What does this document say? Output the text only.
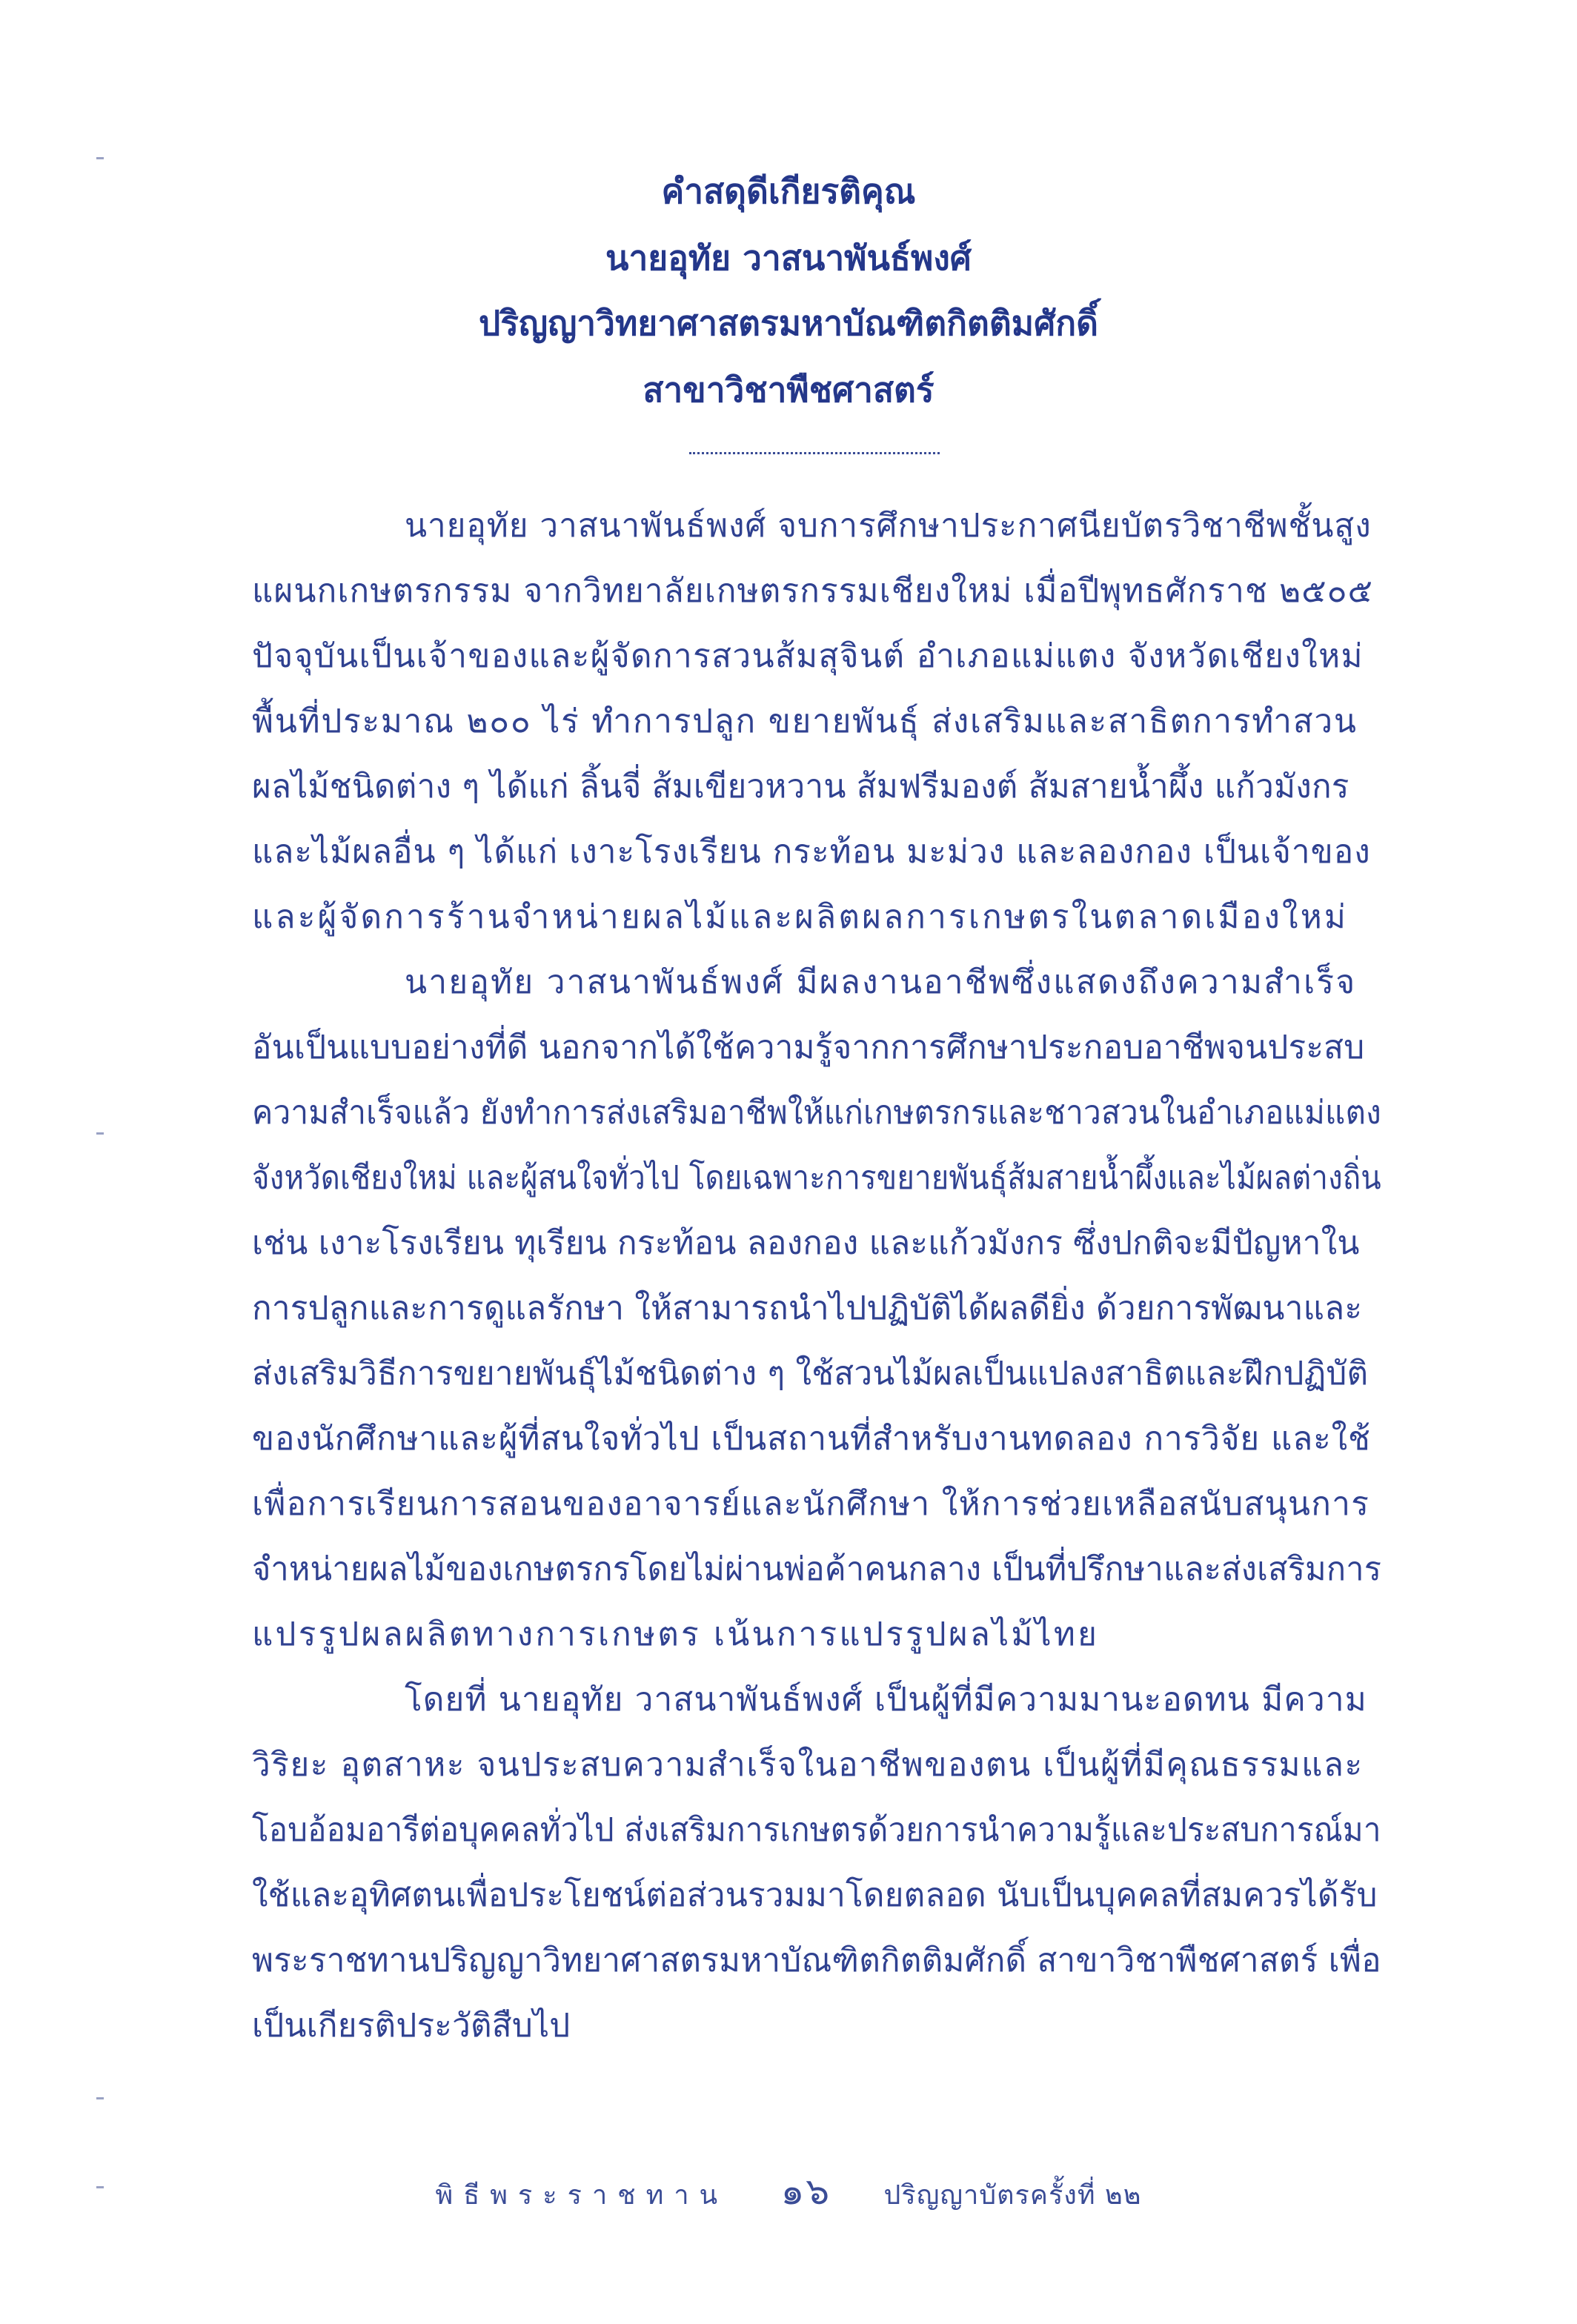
คำสดุดีเกียรติคุณ
นายอุทัย วาสนาพันธ์พงศ์
ปริญญาวิทยาศาสตรมหาบัณฑิตกิตติมศักดิ์
สาขาวิชาพืชศาสตร์
นายอุทัย วาสนาพันธ์พงศ์ จบการศึกษาประกาศนียบัตรวิชาชีพชั้นสูง
แผนกเกษตรกรรม จากวิทยาลัยเกษตรกรรมเชียงใหม่ เมื่อปีพุทธศักราช ๒๕๐๕
ปัจจุบันเป็นเจ้าของและผู้จัดการสวนส้มสุจินต์ อำเภอแม่แตง จังหวัดเชียงใหม่
พื้นที่ประมาณ ๒๐๐ ไร่ ทำการปลูก ขยายพันธุ์ ส่งเสริมและสาธิตการทำสวน
ผลไม้ชนิดต่าง ๆ ได้แก่ ลิ้นจี่ ส้มเขียวหวาน ส้มฟรีมองต์ ส้มสายน้ำผึ้ง แก้วมังกร
และไม้ผลอื่น ๆ ได้แก่ เงาะโรงเรียน กระท้อน มะม่วง และลองกอง เป็นเจ้าของ
และผู้จัดการร้านจำหน่ายผลไม้และผลิตผลการเกษตรในตลาดเมืองใหม่
นายอุทัย วาสนาพันธ์พงศ์ มีผลงานอาชีพซึ่งแสดงถึงความสำเร็จ
อันเป็นแบบอย่างที่ดี นอกจากได้ใช้ความรู้จากการศึกษาประกอบอาชีพจนประสบ
ความสำเร็จแล้ว ยังทำการส่งเสริมอาชีพให้แก่เกษตรกรและชาวสวนในอำเภอแม่แตง
จังหวัดเชียงใหม่ และผู้สนใจทั่วไป โดยเฉพาะการขยายพันธุ์ส้มสายน้ำผึ้งและไม้ผลต่างถิ่น
เช่น เงาะโรงเรียน ทุเรียน กระท้อน ลองกอง และแก้วมังกร ซึ่งปกติจะมีปัญหาใน
การปลูกและการดูแลรักษา ให้สามารถนำไปปฏิบัติได้ผลดียิ่ง ด้วยการพัฒนาและ
ส่งเสริมวิธีการขยายพันธุ์ไม้ชนิดต่าง ๆ ใช้สวนไม้ผลเป็นแปลงสาธิตและฝึกปฏิบัติ
ของนักศึกษาและผู้ที่สนใจทั่วไป เป็นสถานที่สำหรับงานทดลอง การวิจัย และใช้
เพื่อการเรียนการสอนของอาจารย์และนักศึกษา ให้การช่วยเหลือสนับสนุนการ
จำหน่ายผลไม้ของเกษตรกรโดยไม่ผ่านพ่อค้าคนกลาง เป็นที่ปรึกษาและส่งเสริมการ
แปรรูปผลผลิตทางการเกษตร เน้นการแปรรูปผลไม้ไทย
โดยที่ นายอุทัย วาสนาพันธ์พงศ์ เป็นผู้ที่มีความมานะอดทน มีความ
วิริยะ อุตสาหะ จนประสบความสำเร็จในอาชีพของตน เป็นผู้ที่มีคุณธรรมและ
โอบอ้อมอารีต่อบุคคลทั่วไป ส่งเสริมการเกษตรด้วยการนำความรู้และประสบการณ์มา
ใช้และอุทิศตนเพื่อประโยชน์ต่อส่วนรวมมาโดยตลอด นับเป็นบุคคลที่สมควรได้รับ
พระราชทานปริญญาวิทยาศาสตรมหาบัณฑิตกิตติมศักดิ์ สาขาวิชาพืชศาสตร์ เพื่อ
เป็นเกียรติประวัติสืบไป
พิธีพระราชทาน ๑๖ ปริญญาบัตรครั้งที่ ๒๒
